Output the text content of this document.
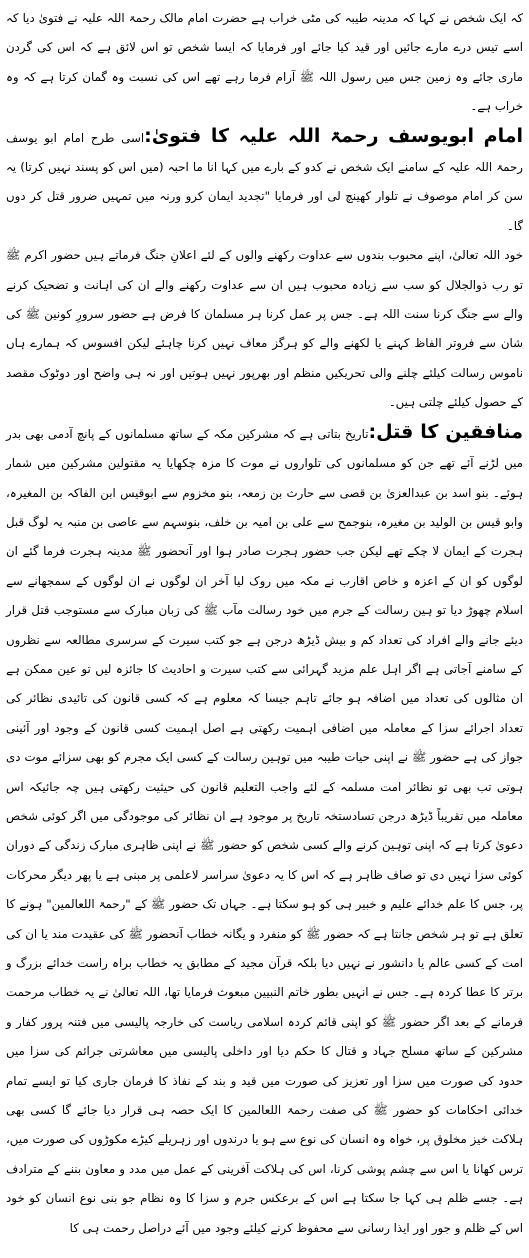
کہ ایک شخص نے کہا کہ مدینہ طیبہ کی مٹی خراب ہے حضرت امام مالک رحمۃ اللہ علیہ نے فتویٰ دیا کہ اسے تیس درے مارے جائیں اور قید کیا جائے اور فرمایا کہ ایسا شخص تو اس لائق ہے کہ اس کی گردن ماری جائے وہ زمین جس میں رسول اللہ ﷺ آرام فرما رہے تھے اس کی نسبت وہ گمان کرتا ہے کہ وہ خراب ہے۔

امام ابویوسف رحمۃ اللہ علیہ کا فتویٰ:اسی طرح امام ابو یوسف رحمۃ اللہ علیہ کے سامنے ایک شخص نے کدو کے بارے میں کہا انا ما احبہ (میں اس کو پسند نہیں کرتا) یہ سن کر امام موصوف نے تلوار کھینچ لی اور فرمایا "تجدید ایمان کرو ورنہ میں تمہیں ضرور قتل کر دوں گا۔

خود اللہ تعالیٰ، اپنے محبوب بندوں سے عداوت رکھنے والوں کے لئے اعلانِ جنگ فرماتے ہیں حضور اکرم ﷺ تو رب ذوالجلال کو سب سے زیادہ محبوب ہیں ان سے عداوت رکھنے والے ان کی اہانت و تضحیک کرنے والے سے جنگ کرنا سنت اللہ ہے۔ جس پر عمل کرنا ہر مسلمان کا فرض ہے حضور سرورِ کونین ﷺ کی شان سے فروتر الفاظ کہنے یا لکھنے والے کو ہرگز معاف نہیں کرنا چاہئے لیکن افسوس کہ ہمارے ہاں ناموس رسالت کیلئے چلنے والی تحریکیں منظم اور بھرپور نہیں ہوتیں اور نہ ہی واضح اور دوٹوک مقصد کے حصول کیلئے چلتی ہیں۔

منافقین کا قتل:تاریخ بتاتی ہے کہ مشرکین مکہ کے ساتھ مسلمانوں کے پانچ آدمی بھی بدر میں لڑنے آئے تھے جن کو مسلمانوں کی تلواروں نے موت کا مزہ چکھایا یہ مقتولین مشرکین میں شمار ہوئے۔ بنو اسد بن عبدالعزیٰ بن قصی سے حارث بن زمعہ، بنو مخزوم سے ابوقیس ابن الفاکہ بن المغیرہ، وابو قیس بن الولید بن مغیرہ، بنوجمح سے علی بن امیہ بن خلف، بنوسہم سے عاصی بن منبہ یہ لوگ قبل ہجرت کے ایمان لا چکے تھے لیکن جب حضور ہجرت صادر ہوا اور آنحضور ﷺ مدینہ ہجرت فرما گئے ان لوگوں کو ان کے اعزہ و خاص اقارب نے مکہ میں روک لیا آخر ان لوگوں نے ان لوگوں کے سمجھانے سے اسلام چھوڑ دیا تو ہین رسالت کے جرم میں خود رسالت مآب ﷺ کی زبان مبارک سے مستوجب قتل قرار دیئے جانے والے افراد کی تعداد کم و بیش ڈیڑھ درجن ہے جو کتب سیرت کے سرسری مطالعہ سے نظروں کے سامنے آجاتی ہے اگر اہل علم مزید گہرائی سے کتب سیرت و احادیث کا جائزہ لیں تو عین ممکن ہے ان مثالوں کی تعداد میں اضافہ ہو جائے تاہم جیسا کہ معلوم ہے کہ کسی قانون کی تائیدی نظائر کی تعداد اجرائے سزا کے معاملہ میں اضافی اہمیت رکھتی ہے اصل اہمیت کسی قانون کے وجود اور آئینی جواز کی ہے حضور ﷺ نے اپنی حیات طیبہ میں توہین رسالت کے کسی ایک مجرم کو بھی سزائے موت دی ہوتی تب بھی تو نظائر امت مسلمہ کے لئے واجب التعلیم قانون کی حیثیت رکھتی ہیں چہ جائیکہ اس معاملہ میں تقریباً ڈیڑھ درجن تسادستخہ تاریخ پر موجود ہے ان نظائر کی موجودگی میں اگر کوئی شخص دعویٰ کرتا ہے کہ اپنی توہین کرنے والے کسی شخص کو حضور ﷺ نے اپنی ظاہری مبارک زندگی کے دوران کوئی سزا نہیں دی تو صاف ظاہر ہے کہ اس کا یہ دعویٰ سراسر لاعلمی پر مبنی ہے یا پھر دیگر محرکات پر، جس کا علم خدائے علیم و خبیر ہی کو ہو سکتا ہے۔ جہاں تک حضور ﷺ کے "رحمۃ اللعالمین" ہونے کا تعلق ہے تو ہر شخص جانتا ہے کہ حضور ﷺ کو منفرد و یگانہ خطاب آنحضور ﷺ کی عقیدت مند یا ان کی امت کے کسی عالم یا دانشور نے نہیں دیا بلکہ قرآن مجید کے مطابق یہ خطاب براہ راست خدائے بزرگ و برتر کا عطا کردہ ہے۔ جس نے انہیں بطور خاتم النبیین مبعوث فرمایا تھا، اللہ تعالیٰ نے یہ خطاب مرحمت فرمانے کے بعد اگر حضور ﷺ کو اپنی قائم کردہ اسلامی ریاست کی خارجہ پالیسی میں فتنہ پرور کفار و مشرکین کے ساتھ مسلح جہاد و قتال کا حکم دیا اور داخلی پالیسی میں معاشرتی جرائم کی سزا میں حدود کی صورت میں سزا اور تعزیز کی صورت میں قید و بند کے نفاذ کا فرمان جاری کیا تو ایسے تمام خدائی احکامات کو حضور ﷺ کی صفت رحمۃ اللعالمین کا ایک حصہ ہی قرار دیا جائے گا کسی بھی ہلاکت خیز مخلوق پر، خواہ وہ انسان کی نوع سے ہو یا درندوں اور زہریلے کیڑے مکوڑوں کی صورت میں، ترس کھانا یا اس سے چشم پوشی کرنا، اس کی ہلاکت آفرینی کے عمل میں مدد و معاون بننے کے مترادف ہے۔ جسے ظلم ہی کہا جا سکتا ہے اس کے برعکس جرم و سزا کا وہ نظام جو بنی نوع انسان کو خود اس کے ظلم و جور اور ایذا رسانی سے محفوظ کرنے کیلئے وجود میں آئے دراصل رحمت ہی کا
